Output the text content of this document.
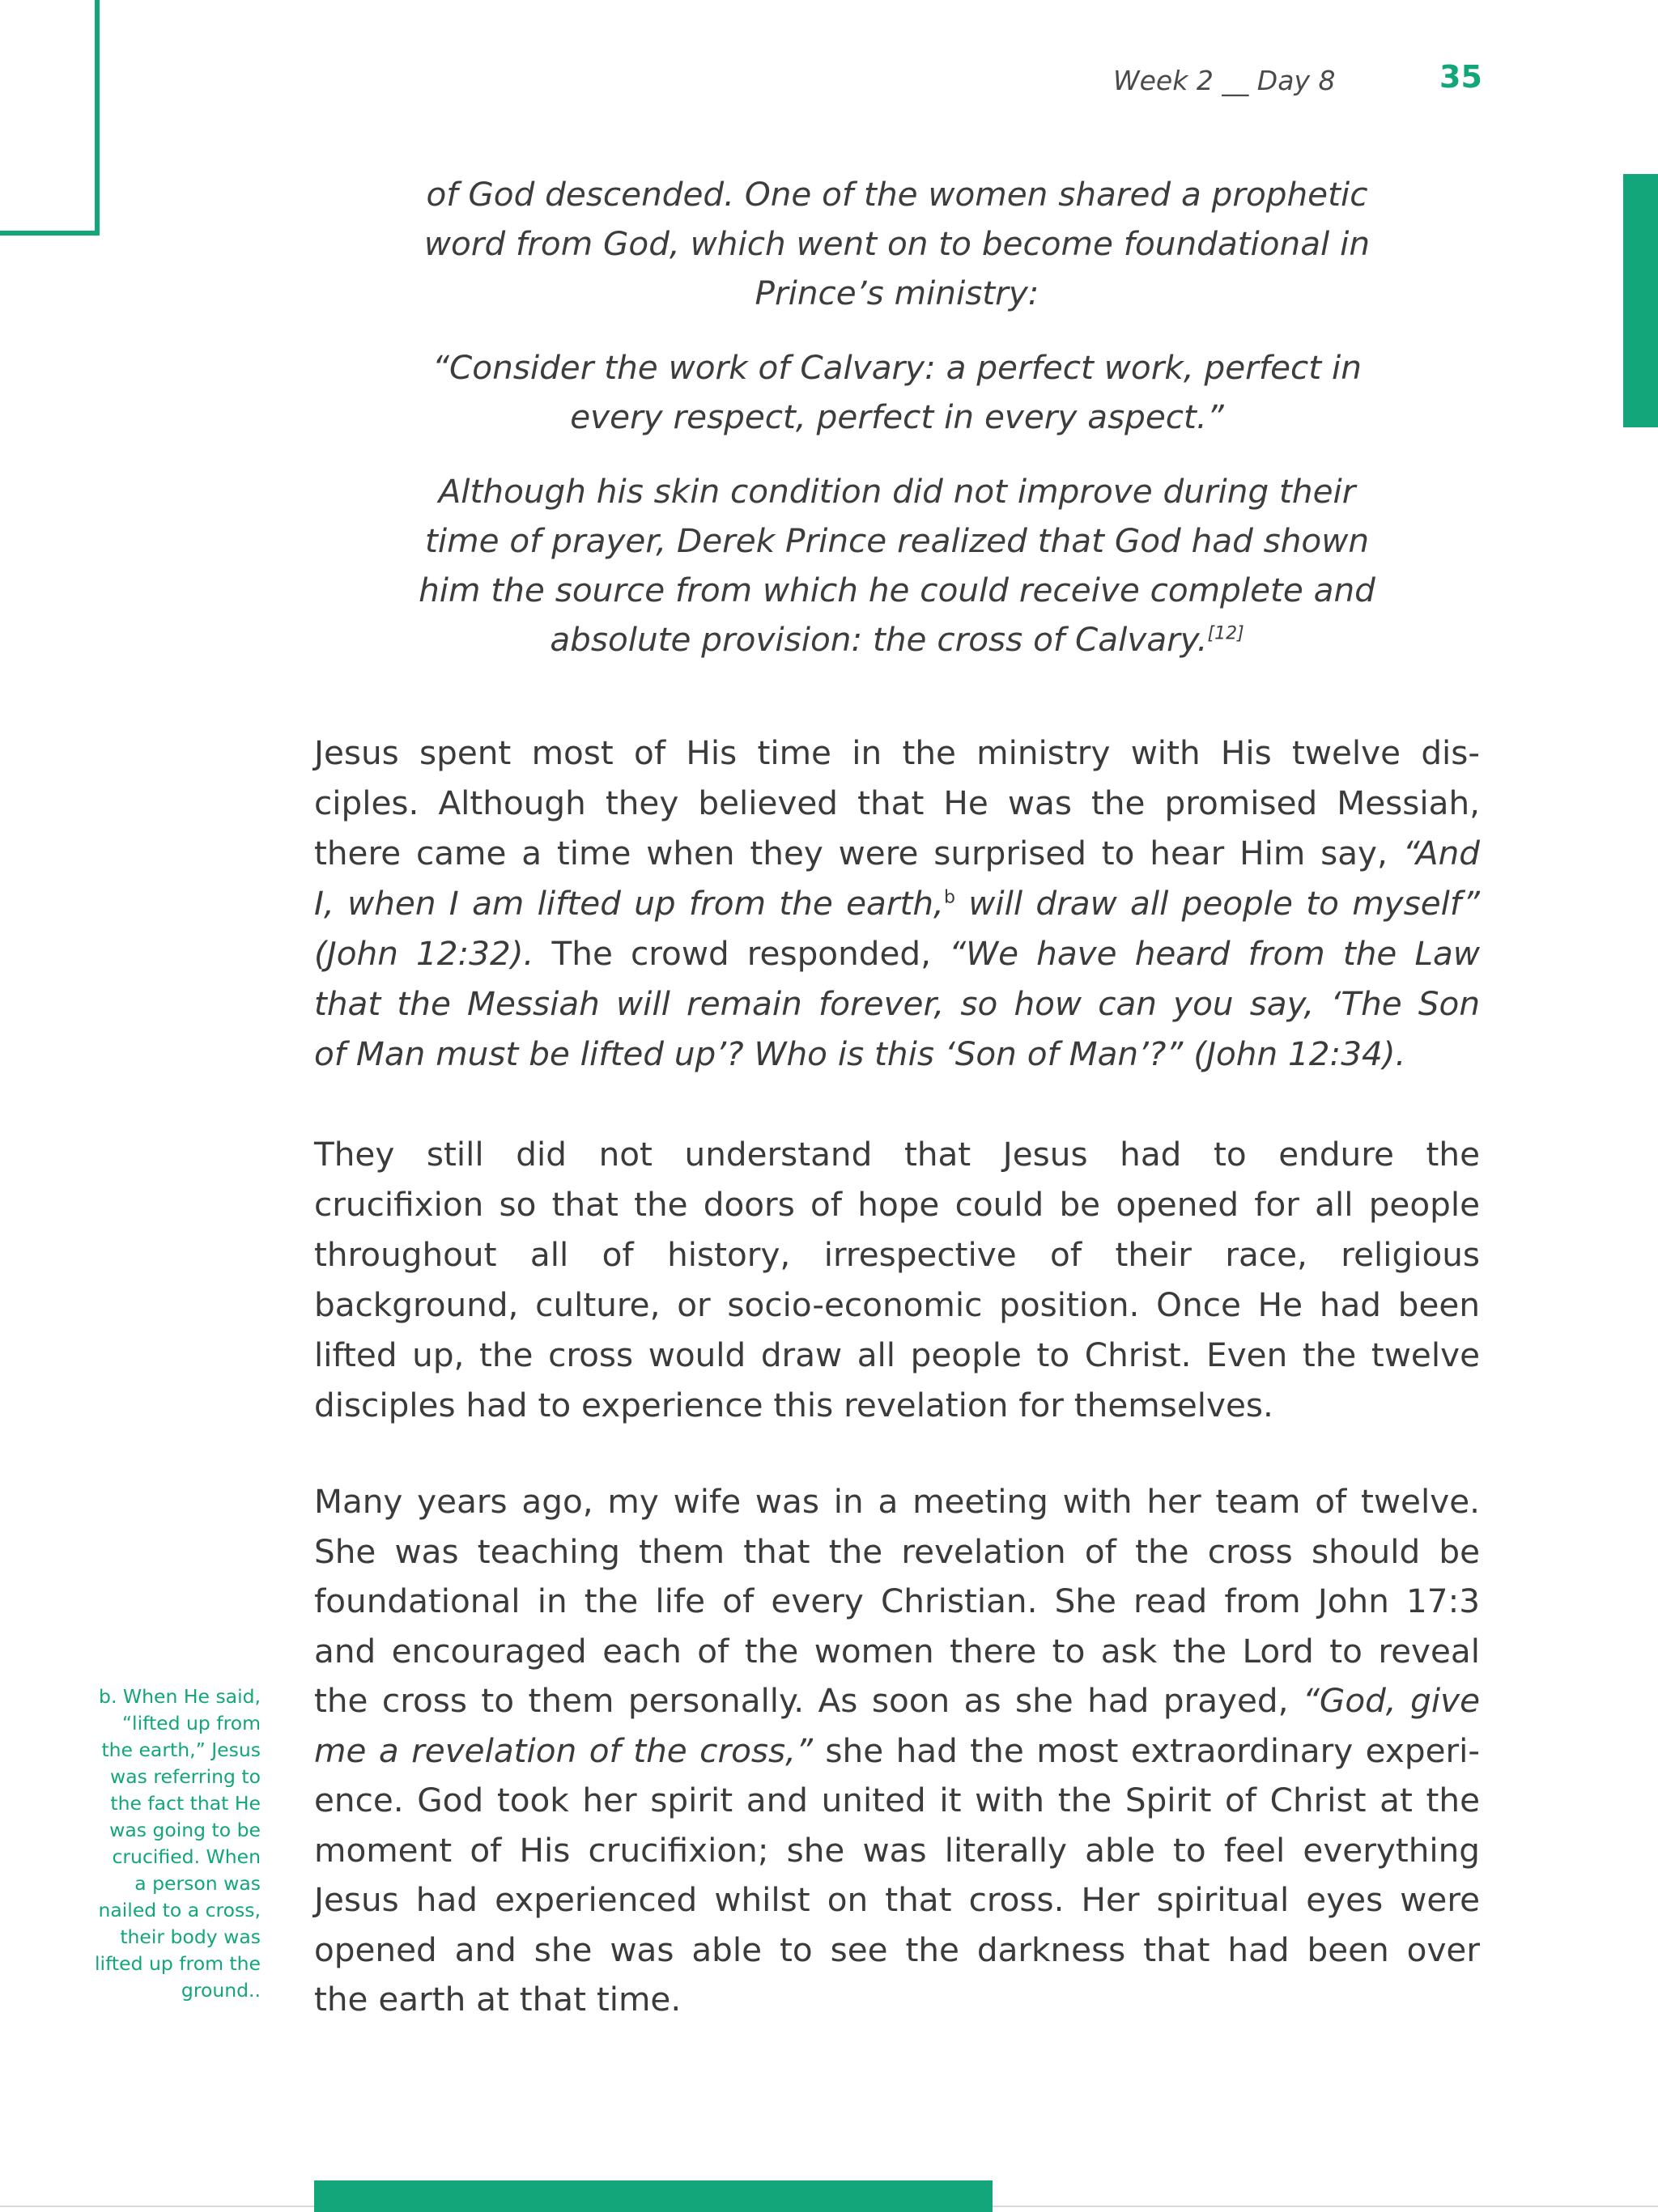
Week 2 __ Day 8	35
of God descended. One of the women shared a prophetic
word from God, which went on to become foundational in
Prince’s ministry:
“Consider the work of Calvary: a perfect work, perfect in
every respect, perfect in every aspect.”
Although his skin condition did not improve during their
time of prayer, Derek Prince realized that God had shown
him the source from which he could receive complete and
absolute provision: the cross of Calvary.[12]
Jesus spent most of His time in the ministry with His twelve dis-
ciples. Although they believed that He was the promised Messiah,
there came a time when they were surprised to hear Him say, “And
I, when I am lifted up from the earth,$^b$ will draw all people to myself”
(John 12:32). The crowd responded, “We have heard from the Law
that the Messiah will remain forever, so how can you say, ‘The Son
of Man must be lifted up’? Who is this ‘Son of Man’?” (John 12:34).
They still did not understand that Jesus had to endure the
crucifixion so that the doors of hope could be opened for all people
throughout all of history, irrespective of their race, religious
background, culture, or socio-economic position. Once He had been
lifted up, the cross would draw all people to Christ. Even the twelve
disciples had to experience this revelation for themselves.
Many years ago, my wife was in a meeting with her team of twelve.
She was teaching them that the revelation of the cross should be
foundational in the life of every Christian. She read from John 17:3
and encouraged each of the women there to ask the Lord to reveal
the cross to them personally. As soon as she had prayed, “God, give
me a revelation of the cross,” she had the most extraordinary experi-
ence. God took her spirit and united it with the Spirit of Christ at the
moment of His crucifixion; she was literally able to feel everything
Jesus had experienced whilst on that cross. Her spiritual eyes were
opened and she was able to see the darkness that had been over
the earth at that time.
b. When He said,
“lifted up from
the earth,” Jesus
was referring to
the fact that He
was going to be
crucified. When
a person was
nailed to a cross,
their body was
lifted up from the
ground..
